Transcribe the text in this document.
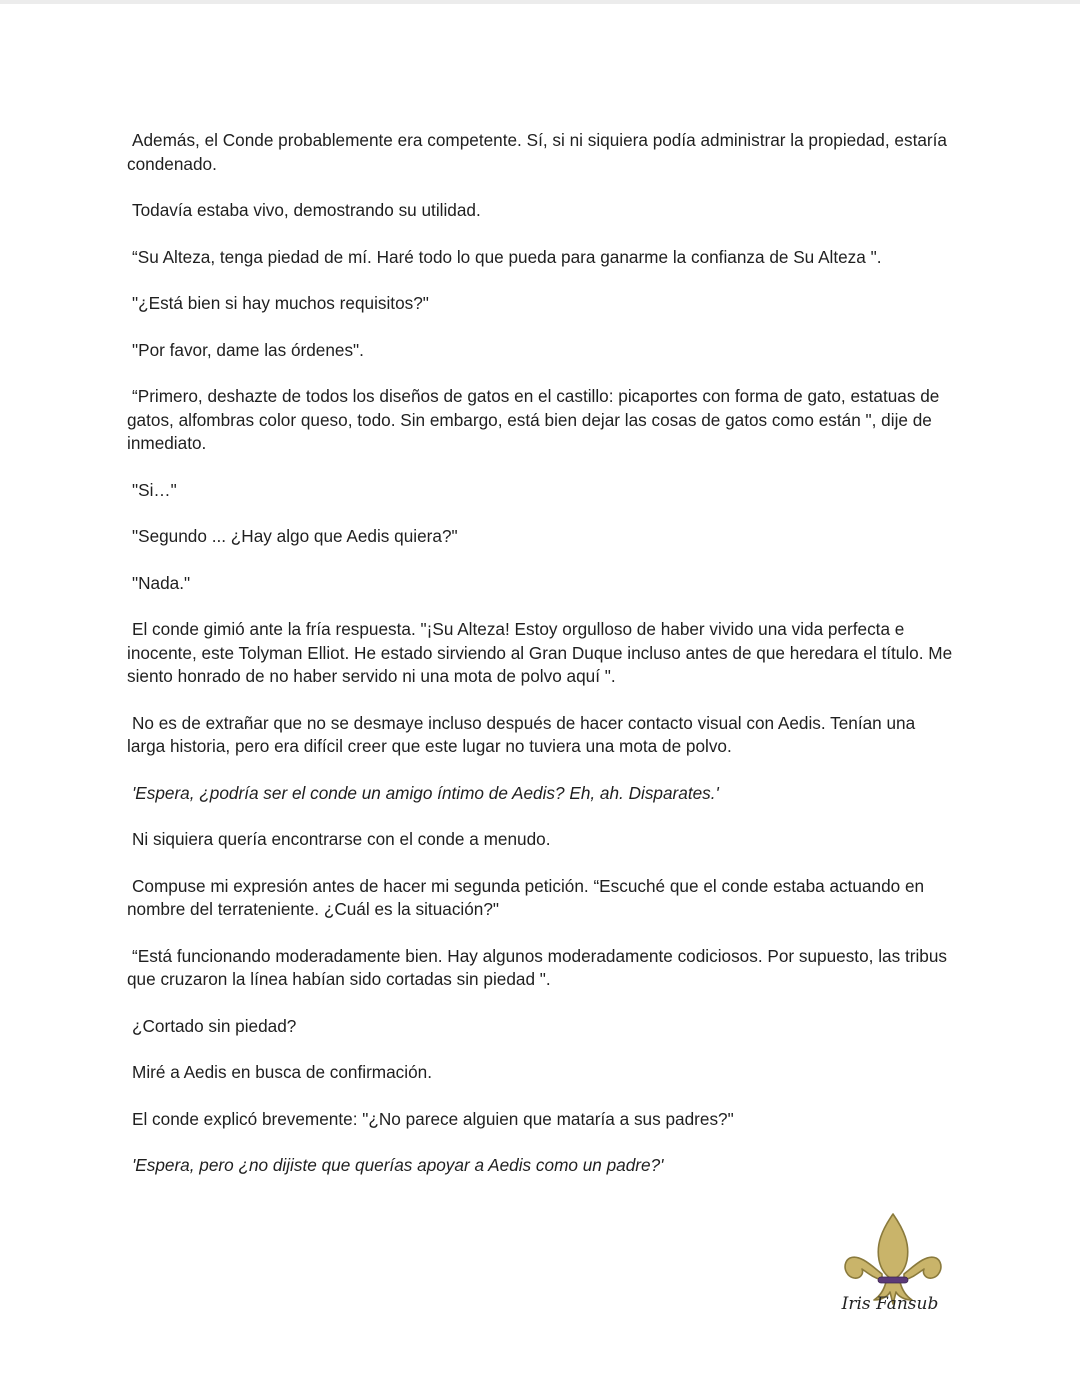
Además, el Conde probablemente era competente. Sí, si ni siquiera podía administrar la propiedad, estaría condenado.

Todavía estaba vivo, demostrando su utilidad.

“Su Alteza, tenga piedad de mí. Haré todo lo que pueda para ganarme la confianza de Su Alteza ".

"¿Está bien si hay muchos requisitos?"

"Por favor, dame las órdenes".

“Primero, deshazte de todos los diseños de gatos en el castillo: picaportes con forma de gato, estatuas de gatos, alfombras color queso, todo. Sin embargo, está bien dejar las cosas de gatos como están ", dije de inmediato.

"Si…"

"Segundo ... ¿Hay algo que Aedis quiera?"

"Nada."

El conde gimió ante la fría respuesta. "¡Su Alteza! Estoy orgulloso de haber vivido una vida perfecta e inocente, este Tolyman Elliot. He estado sirviendo al Gran Duque incluso antes de que heredara el título. Me siento honrado de no haber servido ni una mota de polvo aquí ".

No es de extrañar que no se desmaye incluso después de hacer contacto visual con Aedis. Tenían una larga historia, pero era difícil creer que este lugar no tuviera una mota de polvo.

'Espera, ¿podría ser el conde un amigo íntimo de Aedis? Eh, ah. Disparates.'

Ni siquiera quería encontrarse con el conde a menudo.

Compuse mi expresión antes de hacer mi segunda petición. “Escuché que el conde estaba actuando en nombre del terrateniente. ¿Cuál es la situación?"

“Está funcionando moderadamente bien. Hay algunos moderadamente codiciosos. Por supuesto, las tribus que cruzaron la línea habían sido cortadas sin piedad ".

¿Cortado sin piedad?

Miré a Aedis en busca de confirmación.

El conde explicó brevemente: "¿No parece alguien que mataría a sus padres?"

'Espera, pero ¿no dijiste que querías apoyar a Aedis como un padre?'

Iris Fansub
